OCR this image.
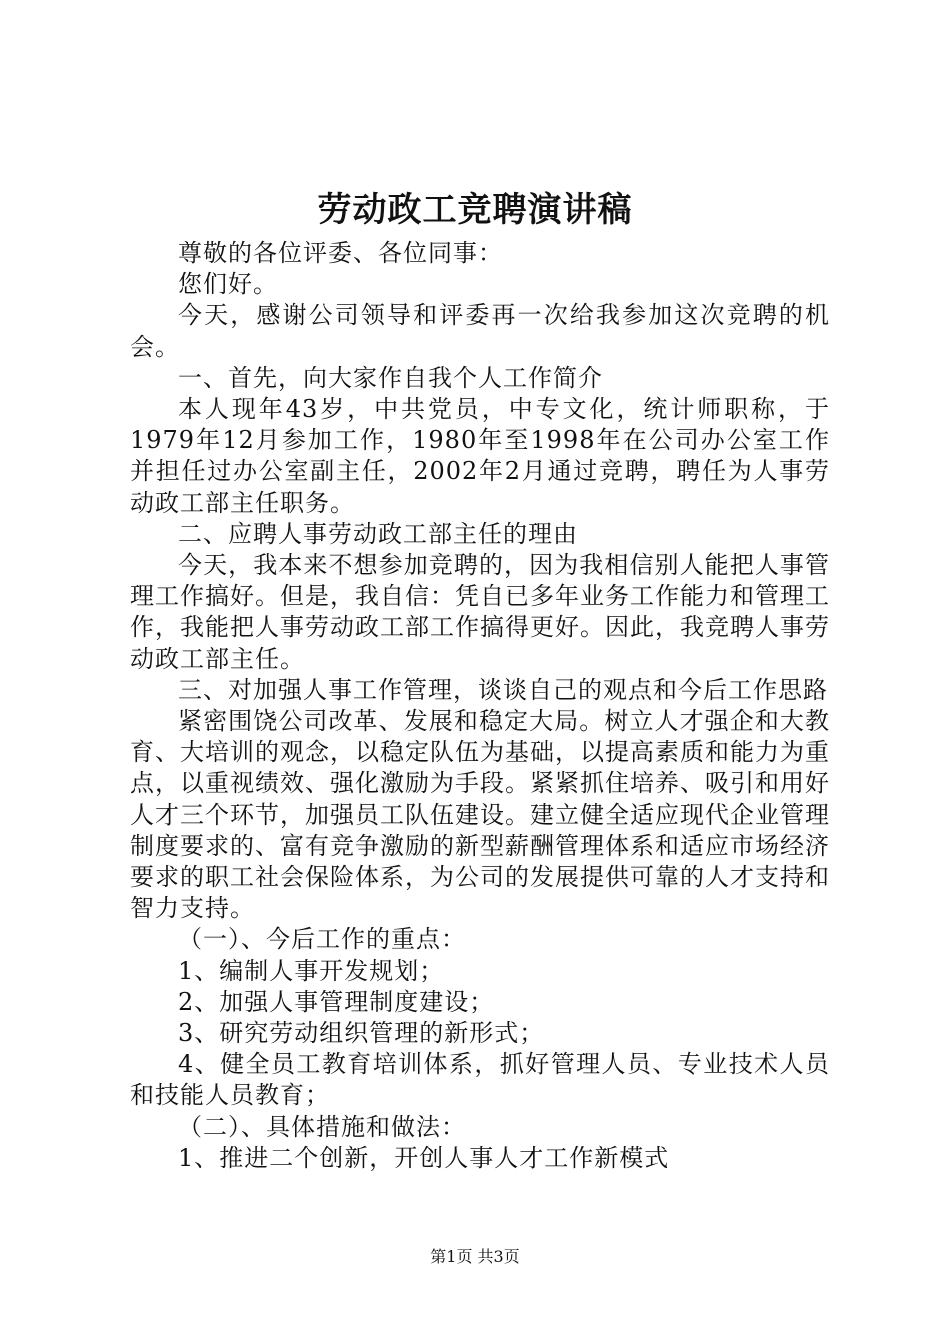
劳动政工竞聘演讲稿

尊敬的各位评委、各位同事：

您们好。

今天，感谢公司领导和评委再一次给我参加这次竞聘的机会。

一、首先，向大家作自我个人工作简介

本人现年43岁，中共党员，中专文化，统计师职称，于1979年12月参加工作，1980年至1998年在公司办公室工作并担任过办公室副主任，2002年2月通过竞聘，聘任为人事劳动政工部主任职务。

二、应聘人事劳动政工部主任的理由

今天，我本来不想参加竞聘的，因为我相信别人能把人事管理工作搞好。但是，我自信：凭自已多年业务工作能力和管理工作，我能把人事劳动政工部工作搞得更好。因此，我竞聘人事劳动政工部主任。

三、对加强人事工作管理，谈谈自己的观点和今后工作思路

紧密围饶公司改革、发展和稳定大局。树立人才强企和大教育、大培训的观念，以稳定队伍为基础，以提高素质和能力为重点，以重视绩效、强化激励为手段。紧紧抓住培养、吸引和用好人才三个环节，加强员工队伍建设。建立健全适应现代企业管理制度要求的、富有竞争激励的新型薪酬管理体系和适应市场经济要求的职工社会保险体系，为公司的发展提供可靠的人才支持和智力支持。

（一）、今后工作的重点：

1、编制人事开发规划；

2、加强人事管理制度建设；

3、研究劳动组织管理的新形式；

4、健全员工教育培训体系，抓好管理人员、专业技术人员和技能人员教育；

（二）、具体措施和做法：

1、推进二个创新，开创人事人才工作新模式

第1页 共3页
